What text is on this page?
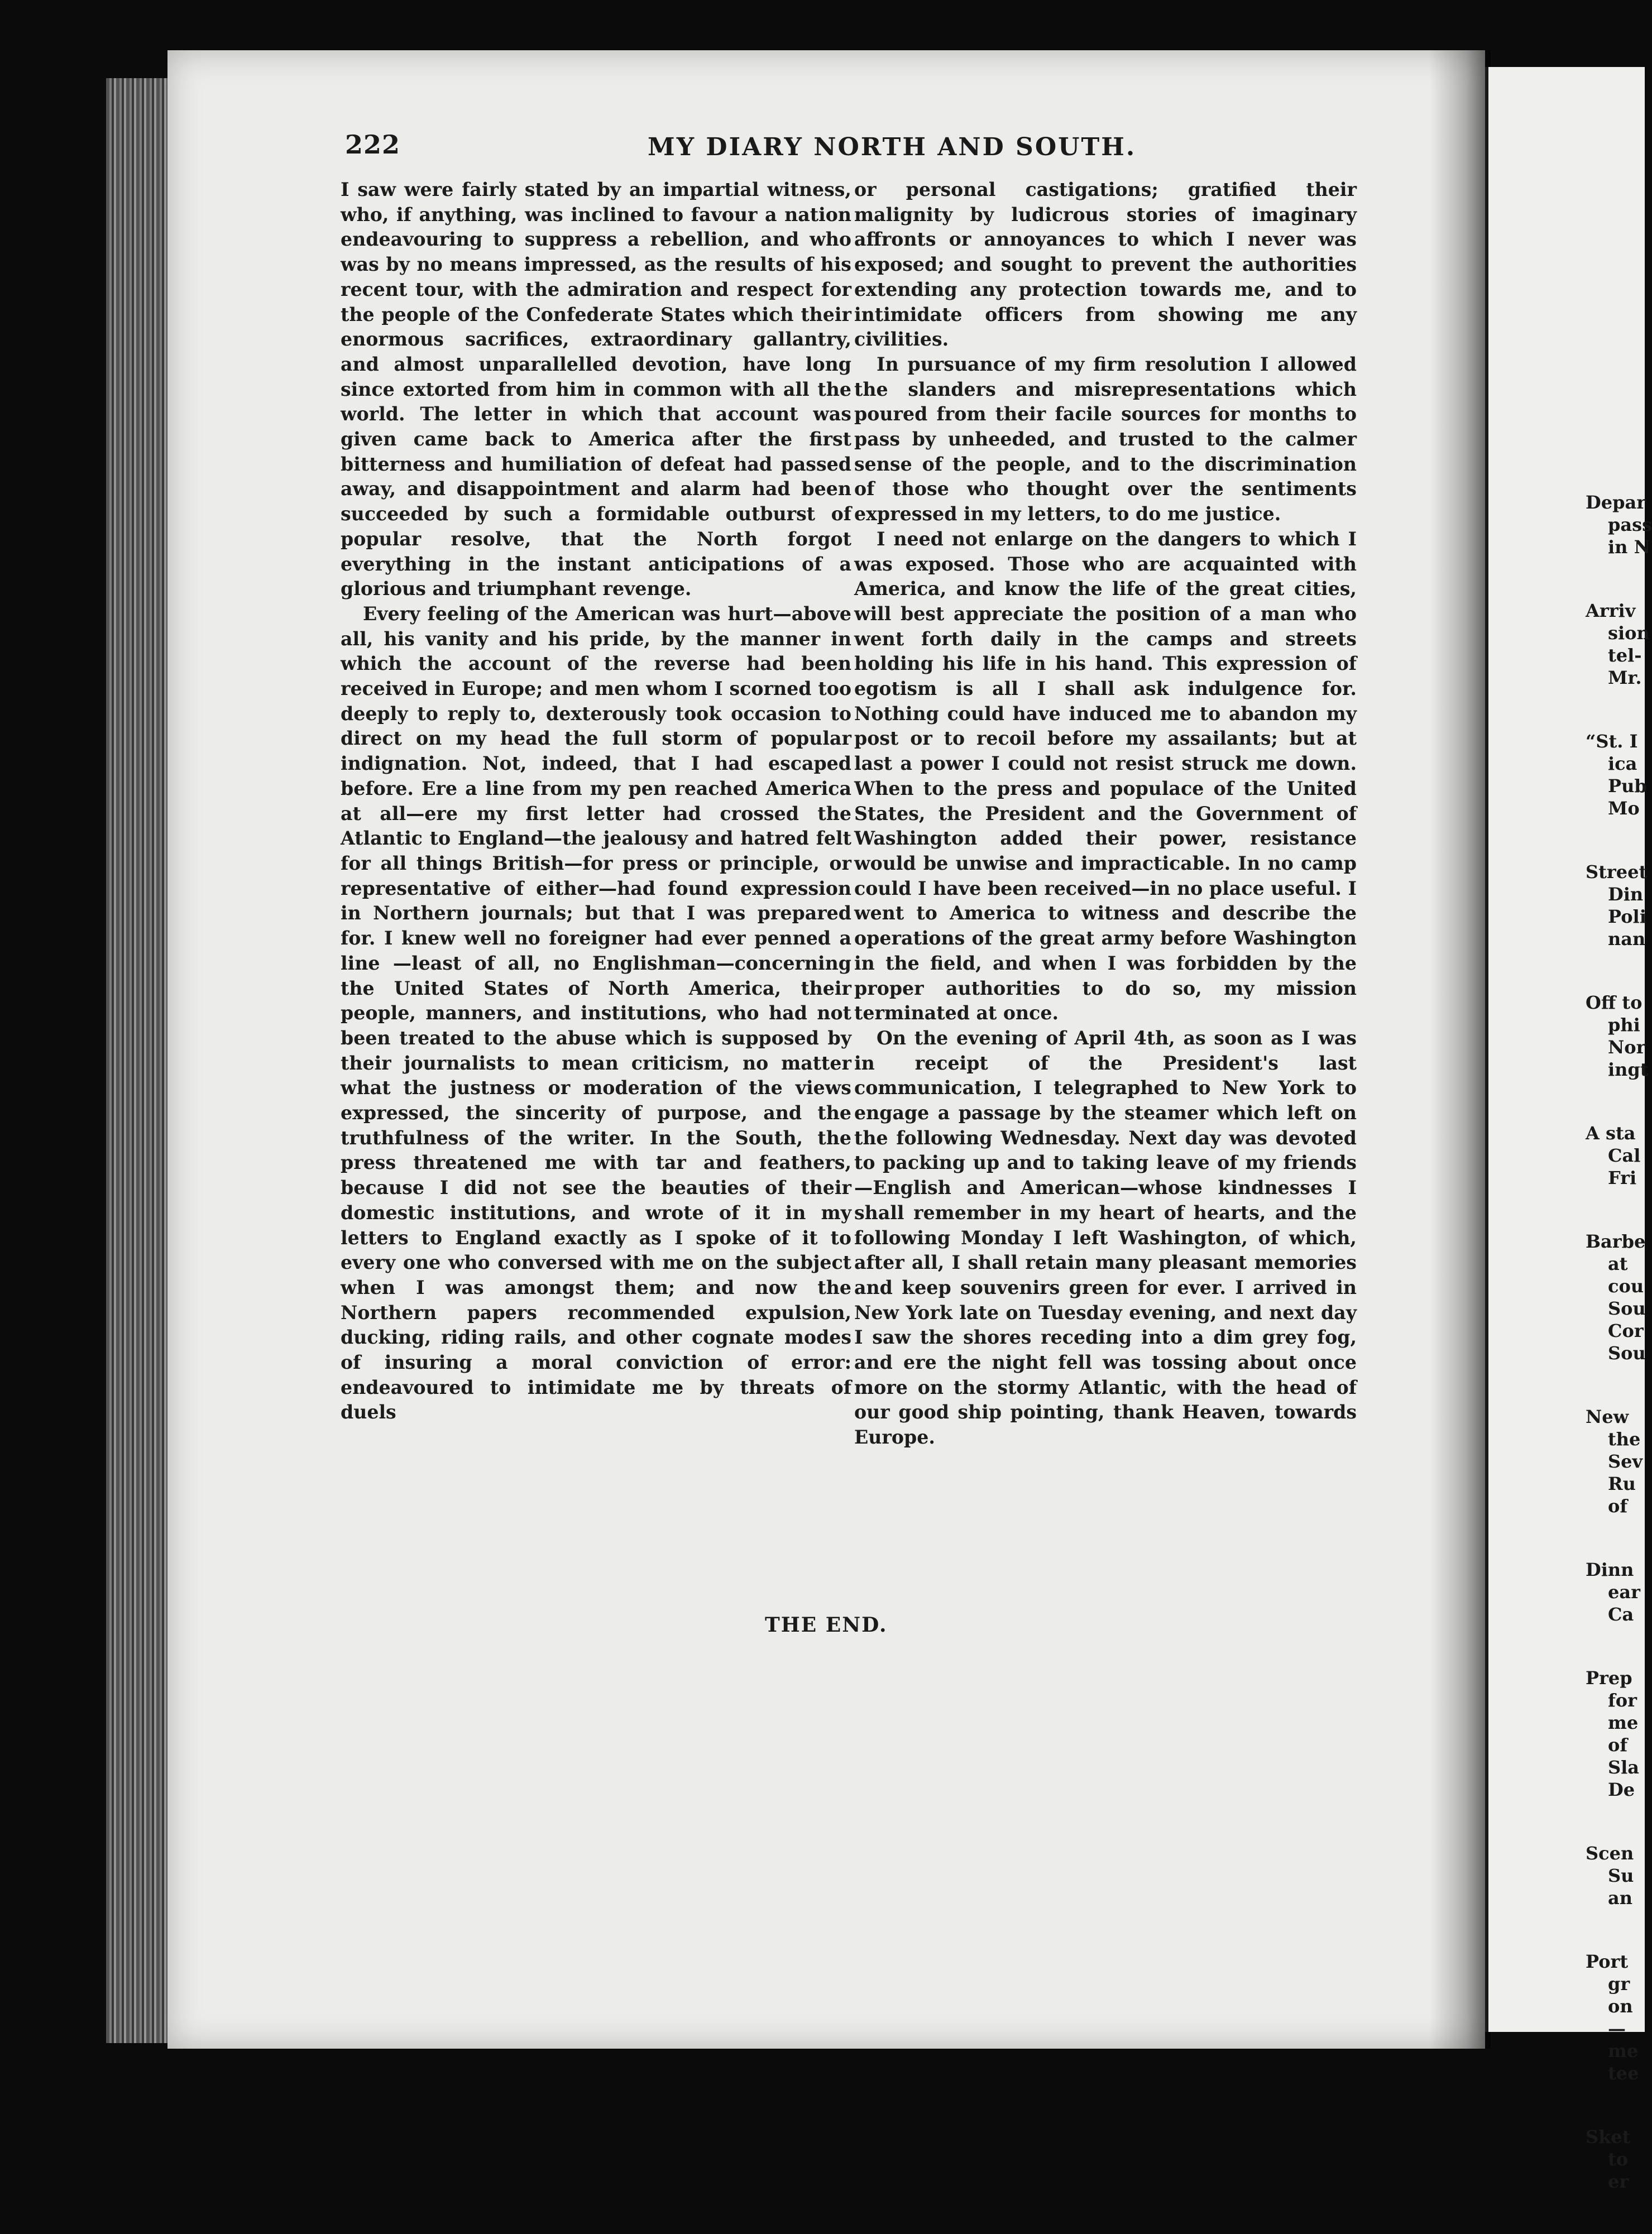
222	MY DIARY NORTH AND SOUTH.

I saw were fairly stated by an impartial witness, who, if anything, was inclined to favour a nation endeavouring to suppress a rebellion, and who was by no means impressed, as the results of his recent tour, with the admiration and respect for the people of the Confederate States which their enormous sacrifices, extraordinary gallantry, and almost unparallelled devotion, have long since extorted from him in common with all the world. The letter in which that account was given came back to America after the first bitterness and humiliation of defeat had passed away, and disappointment and alarm had been succeeded by such a formidable outburst of popular resolve, that the North forgot everything in the instant anticipations of a glorious and triumphant revenge.

Every feeling of the American was hurt—above all, his vanity and his pride, by the manner in which the account of the reverse had been received in Europe; and men whom I scorned too deeply to reply to, dexterously took occasion to direct on my head the full storm of popular indignation. Not, indeed, that I had escaped before. Ere a line from my pen reached America at all—ere my first letter had crossed the Atlantic to England—the jealousy and hatred felt for all things British—for press or principle, or representative of either—had found expression in Northern journals; but that I was prepared for. I knew well no foreigner had ever penned a line —least of all, no Englishman—concerning the United States of North America, their people, manners, and institutions, who had not been treated to the abuse which is supposed by their journalists to mean criticism, no matter what the justness or moderation of the views expressed, the sincerity of purpose, and the truthfulness of the writer. In the South, the press threatened me with tar and feathers, because I did not see the beauties of their domestic institutions, and wrote of it in my letters to England exactly as I spoke of it to every one who conversed with me on the subject when I was amongst them; and now the Northern papers recommended expulsion, ducking, riding rails, and other cognate modes of insuring a moral conviction of error: endeavoured to intimidate me by threats of duels

or personal castigations; gratified their malignity by ludicrous stories of imaginary affronts or annoyances to which I never was exposed; and sought to prevent the authorities extending any protection towards me, and to intimidate officers from showing me any civilities.

In pursuance of my firm resolution I allowed the slanders and misrepresentations which poured from their facile sources for months to pass by unheeded, and trusted to the calmer sense of the people, and to the discrimination of those who thought over the sentiments expressed in my letters, to do me justice.

I need not enlarge on the dangers to which I was exposed. Those who are acquainted with America, and know the life of the great cities, will best appreciate the position of a man who went forth daily in the camps and streets holding his life in his hand. This expression of egotism is all I shall ask indulgence for. Nothing could have induced me to abandon my post or to recoil before my assailants; but at last a power I could not resist struck me down. When to the press and populace of the United States, the President and the Government of Washington added their power, resistance would be unwise and impracticable. In no camp could I have been received—in no place useful. I went to America to witness and describe the operations of the great army before Washington in the field, and when I was forbidden by the proper authorities to do so, my mission terminated at once.

On the evening of April 4th, as soon as I was in receipt of the President's last communication, I telegraphed to New York to engage a passage by the steamer which left on the following Wednesday. Next day was devoted to packing up and to taking leave of my friends—English and American—whose kindnesses I shall remember in my heart of hearts, and the following Monday I left Washington, of which, after all, I shall retain many pleasant memories and keep souvenirs green for ever. I arrived in New York late on Tuesday evening, and next day I saw the shores receding into a dim grey fog, and ere the night fell was tossing about once more on the stormy Atlantic, with the head of our good ship pointing, thank Heaven, towards Europe.

THE END.
Depar
pass
in N
Arriv
sion
tel-
Mr.
“St. I
ica
Pub
Mo
Street
Din
Poli
nan
Off to
phi
Nor
ingt
A sta
Cal
Fri
Barbe
at
cou
Sou
Cor
Sou
New
the
Sev
Ru
of
Dinn
ear
Ca
Prep
for
me
of
Sla
De
Scen
Su
an
Port
gr
on
—
me
tee
Sket
to
er
